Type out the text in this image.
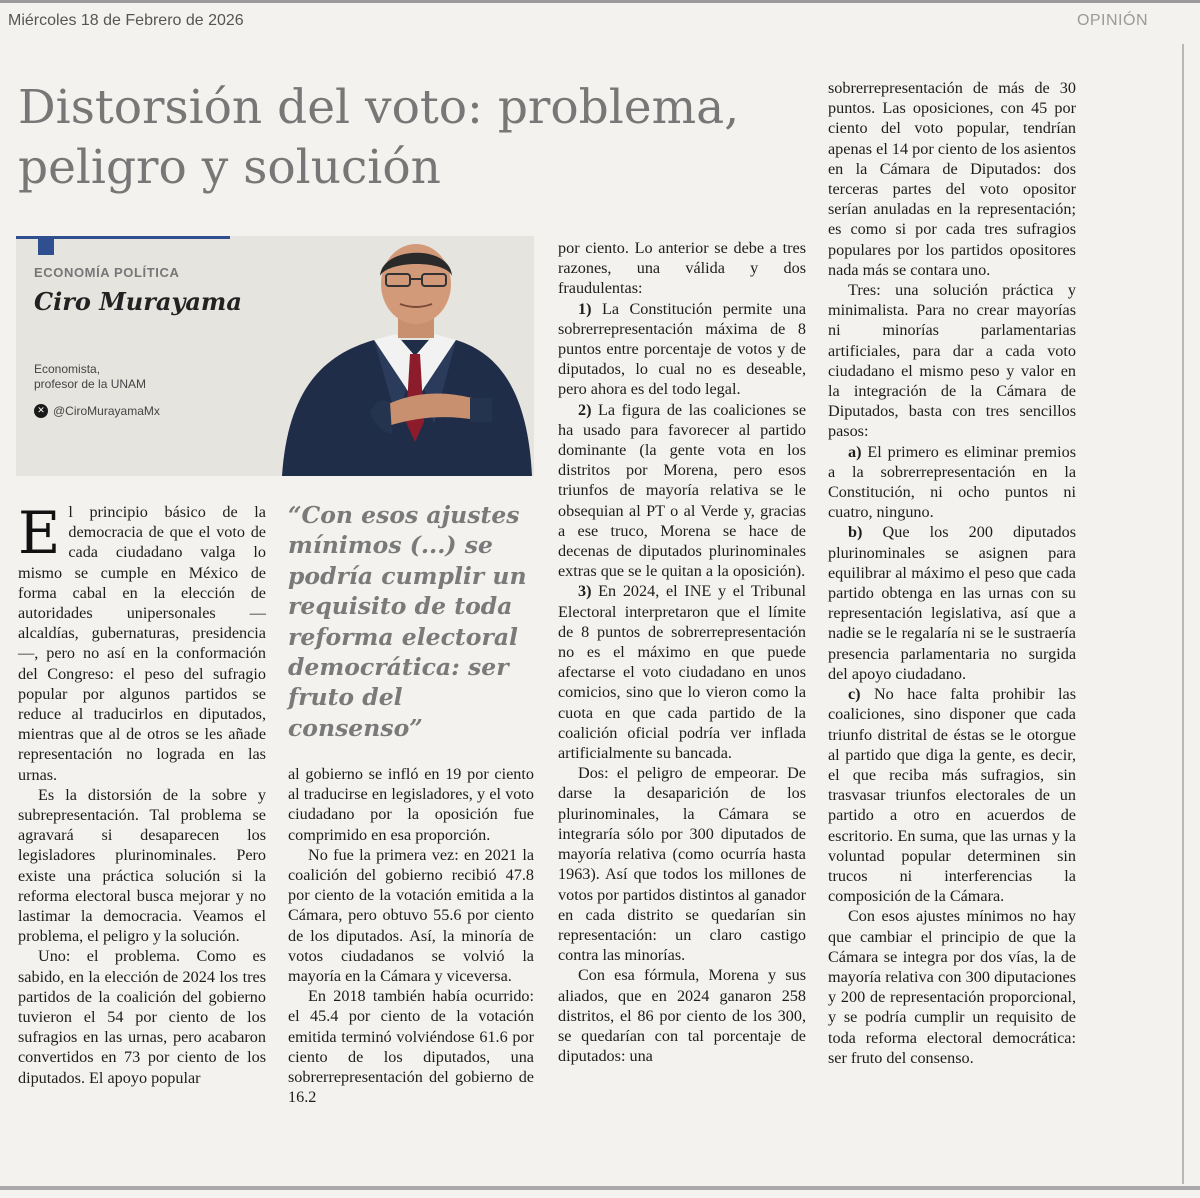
Miércoles 18 de Febrero de 2026	OPINIÓN
Distorsión del voto: problema, peligro y solución
ECONOMÍA POLÍTICA
Ciro Murayama
Economista,
profesor de la UNAM
✕ @CiroMurayamaMx
E l principio básico de la democracia de que el voto de cada ciudadano valga lo mismo se cumple en México de forma cabal en la elección de autoridades unipersonales —alcaldías, gubernaturas, presidencia—, pero no así en la conformación del Congreso: el peso del sufragio popular por algunos partidos se reduce al traducirlos en diputados, mientras que al de otros se les añade representación no lograda en las urnas.

Es la distorsión de la sobre y subrepresentación. Tal problema se agravará si desaparecen los legisladores plurinominales. Pero existe una práctica solución si la reforma electoral busca mejorar y no lastimar la democracia. Veamos el problema, el peligro y la solución.

Uno: el problema. Como es sabido, en la elección de 2024 los tres partidos de la coalición del gobierno tuvieron el 54 por ciento de los sufragios en las urnas, pero acabaron convertidos en 73 por ciento de los diputados. El apoyo popular

“Con esos ajustes mínimos (...) se podría cumplir un requisito de toda reforma electoral democrática: ser fruto del consenso”

al gobierno se infló en 19 por ciento al traducirse en legisladores, y el voto ciudadano por la oposición fue comprimido en esa proporción.

No fue la primera vez: en 2021 la coalición del gobierno recibió 47.8 por ciento de la votación emitida a la Cámara, pero obtuvo 55.6 por ciento de los diputados. Así, la minoría de votos ciudadanos se volvió la mayoría en la Cámara y viceversa.

En 2018 también había ocurrido: el 45.4 por ciento de la votación emitida terminó volviéndose 61.6 por ciento de los diputados, una sobrerrepresentación del gobierno de 16.2

por ciento. Lo anterior se debe a tres razones, una válida y dos fraudulentas:

1) La Constitución permite una sobrerrepresentación máxima de 8 puntos entre porcentaje de votos y de diputados, lo cual no es deseable, pero ahora es del todo legal.

2) La figura de las coaliciones se ha usado para favorecer al partido dominante (la gente vota en los distritos por Morena, pero esos triunfos de mayoría relativa se le obsequian al PT o al Verde y, gracias a ese truco, Morena se hace de decenas de diputados plurinominales extras que se le quitan a la oposición).

3) En 2024, el INE y el Tribunal Electoral interpretaron que el límite de 8 puntos de sobrerrepresentación no es el máximo en que puede afectarse el voto ciudadano en unos comicios, sino que lo vieron como la cuota en que cada partido de la coalición oficial podría ver inflada artificialmente su bancada.

Dos: el peligro de empeorar. De darse la desaparición de los plurinominales, la Cámara se integraría sólo por 300 diputados de mayoría relativa (como ocurría hasta 1963). Así que todos los millones de votos por partidos distintos al ganador en cada distrito se quedarían sin representación: un claro castigo contra las minorías.

Con esa fórmula, Morena y sus aliados, que en 2024 ganaron 258 distritos, el 86 por ciento de los 300, se quedarían con tal porcentaje de diputados: una

sobrerrepresentación de más de 30 puntos. Las oposiciones, con 45 por ciento del voto popular, tendrían apenas el 14 por ciento de los asientos en la Cámara de Diputados: dos terceras partes del voto opositor serían anuladas en la representación; es como si por cada tres sufragios populares por los partidos opositores nada más se contara uno.

Tres: una solución práctica y minimalista. Para no crear mayorías ni minorías parlamentarias artificiales, para dar a cada voto ciudadano el mismo peso y valor en la integración de la Cámara de Diputados, basta con tres sencillos pasos:

a) El primero es eliminar premios a la sobrerrepresentación en la Constitución, ni ocho puntos ni cuatro, ninguno.

b) Que los 200 diputados plurinominales se asignen para equilibrar al máximo el peso que cada partido obtenga en las urnas con su representación legislativa, así que a nadie se le regalaría ni se le sustraería presencia parlamentaria no surgida del apoyo ciudadano.

c) No hace falta prohibir las coaliciones, sino disponer que cada triunfo distrital de éstas se le otorgue al partido que diga la gente, es decir, el que reciba más sufragios, sin trasvasar triunfos electorales de un partido a otro en acuerdos de escritorio. En suma, que las urnas y la voluntad popular determinen sin trucos ni interferencias la composición de la Cámara.

Con esos ajustes mínimos no hay que cambiar el principio de que la Cámara se integra por dos vías, la de mayoría relativa con 300 diputaciones y 200 de representación proporcional, y se podría cumplir un requisito de toda reforma electoral democrática: ser fruto del consenso.
